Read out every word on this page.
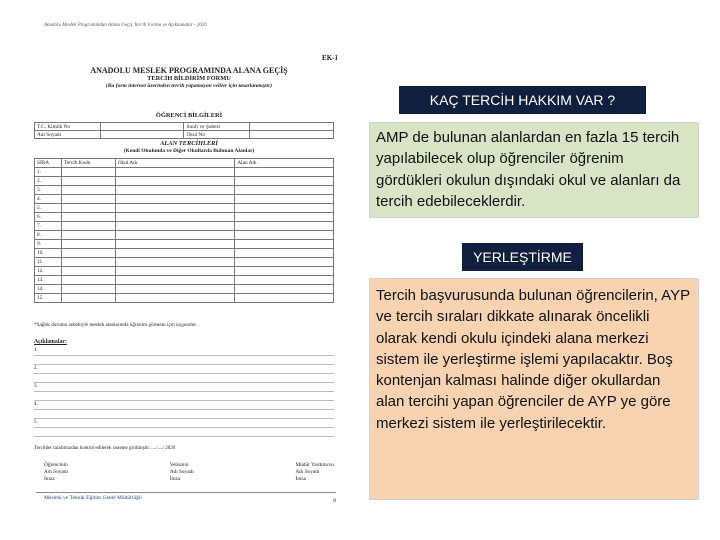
Anadolu Meslek Programından Alana Geçiş Tercih Formu ve Açıklamalar - 2020
EK-1
ANADOLU MESLEK PROGRAMINDA ALANA GEÇİŞ
TERCİH BİLDİRİM FORMU
(Bu form internet üzerinden tercih yapamayan veliler için tasarlanmıştır)
ÖĞRENCİ BİLGİLERİ
T.C. Kimlik No		Sınıfı ve Şubesi	
Adı Soyadı		Okul No	
ALAN TERCİHLERİ
(Kendi Okulunda ve Diğer Okullarda Bulunan Alanlar)
SIRA	Tercih Kodu	Okul Adı	Alan Adı
1.			
2.			
3.			
4.			
5.			
6.			
7.			
8.			
9.			
10.			
11.			
12.			
13.			
14.			
15.			
*Sağlık durumu sebebiyle meslek alanlarında öğrenim görmem için uygundur.
Açıklamalar:
1.
2.
3.
4.
5.
Tercihler tarafımızdan kontrol edilerek sisteme girilmiştir. ..../..../ 2020
Öğrencinin
Adı Soyadı
İmza
Velisinin
Adı Soyadı
İmza
Müdür Yardımcısı
Adı Soyadı
İmza
Mesleki ve Teknik Eğitim Genel Müdürlüğü	8
KAÇ TERCİH HAKKIM VAR ?
AMP de bulunan alanlardan en fazla 15 tercih yapılabilecek olup öğrenciler öğrenim gördükleri okulun dışındaki okul ve alanları da tercih edebileceklerdir.
YERLEŞTİRME
Tercih başvurusunda bulunan öğrencilerin, AYP ve tercih sıraları dikkate alınarak öncelikli olarak kendi okulu içindeki alana merkezi sistem ile yerleştirme işlemi yapılacaktır. Boş kontenjan kalması halinde diğer okullardan alan tercihi yapan öğrenciler de AYP ye göre merkezi sistem ile yerleştirilecektir.
